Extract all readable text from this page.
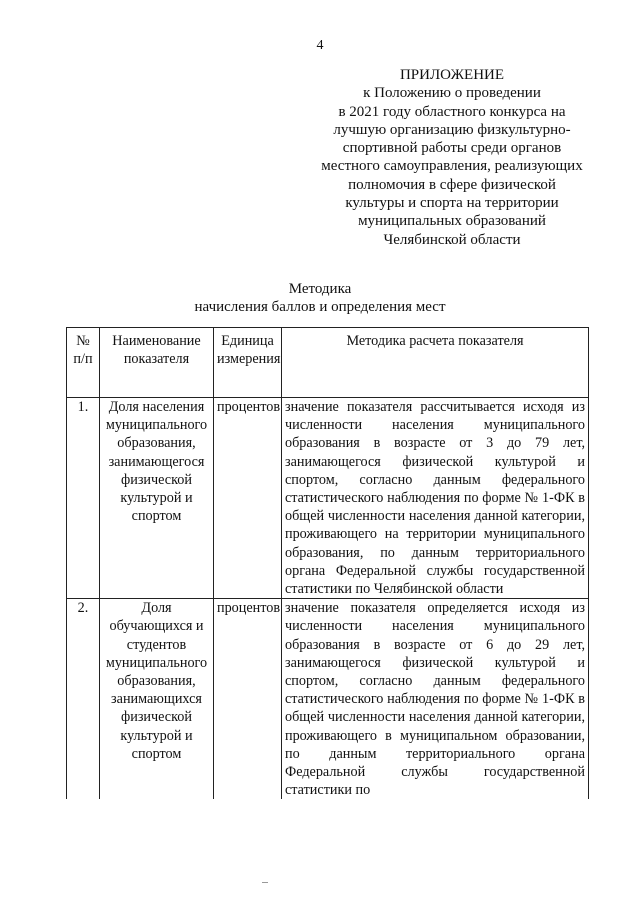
4
ПРИЛОЖЕНИЕ
к Положению о проведении
в 2021 году областного конкурса на
лучшую организацию физкультурно-
спортивной работы среди органов
местного самоуправления, реализующих
полномочия в сфере физической
культуры и спорта на территории
муниципальных образований
Челябинской области
Методика
начисления баллов и определения мест
№ п/п	Наименование показателя	Единица измерения	Методика расчета показателя
1.	Доля населения муниципального образования, занимающегося физической культурой и спортом	процентов	значение показателя рассчитывается исходя из численности населения муниципального образования в возрасте от 3 до 79 лет, занимающегося физической культурой и спортом, согласно данным федерального статистического наблюдения по форме № 1-ФК в общей численности населения данной категории, проживающего на территории муниципального образования, по данным территориального органа Федеральной службы государственной статистики по Челябинской области
2.	Доля обучающихся и студентов муниципального образования, занимающихся физической культурой и спортом	процентов	значение показателя определяется исходя из численности населения муниципального образования в возрасте от 6 до 29 лет, занимающегося физической культурой и спортом, согласно данным федерального статистического наблюдения по форме № 1-ФК в общей численности населения данной категории, проживающего в муниципальном образовании, по данным территориального органа Федеральной службы государственной статистики по
